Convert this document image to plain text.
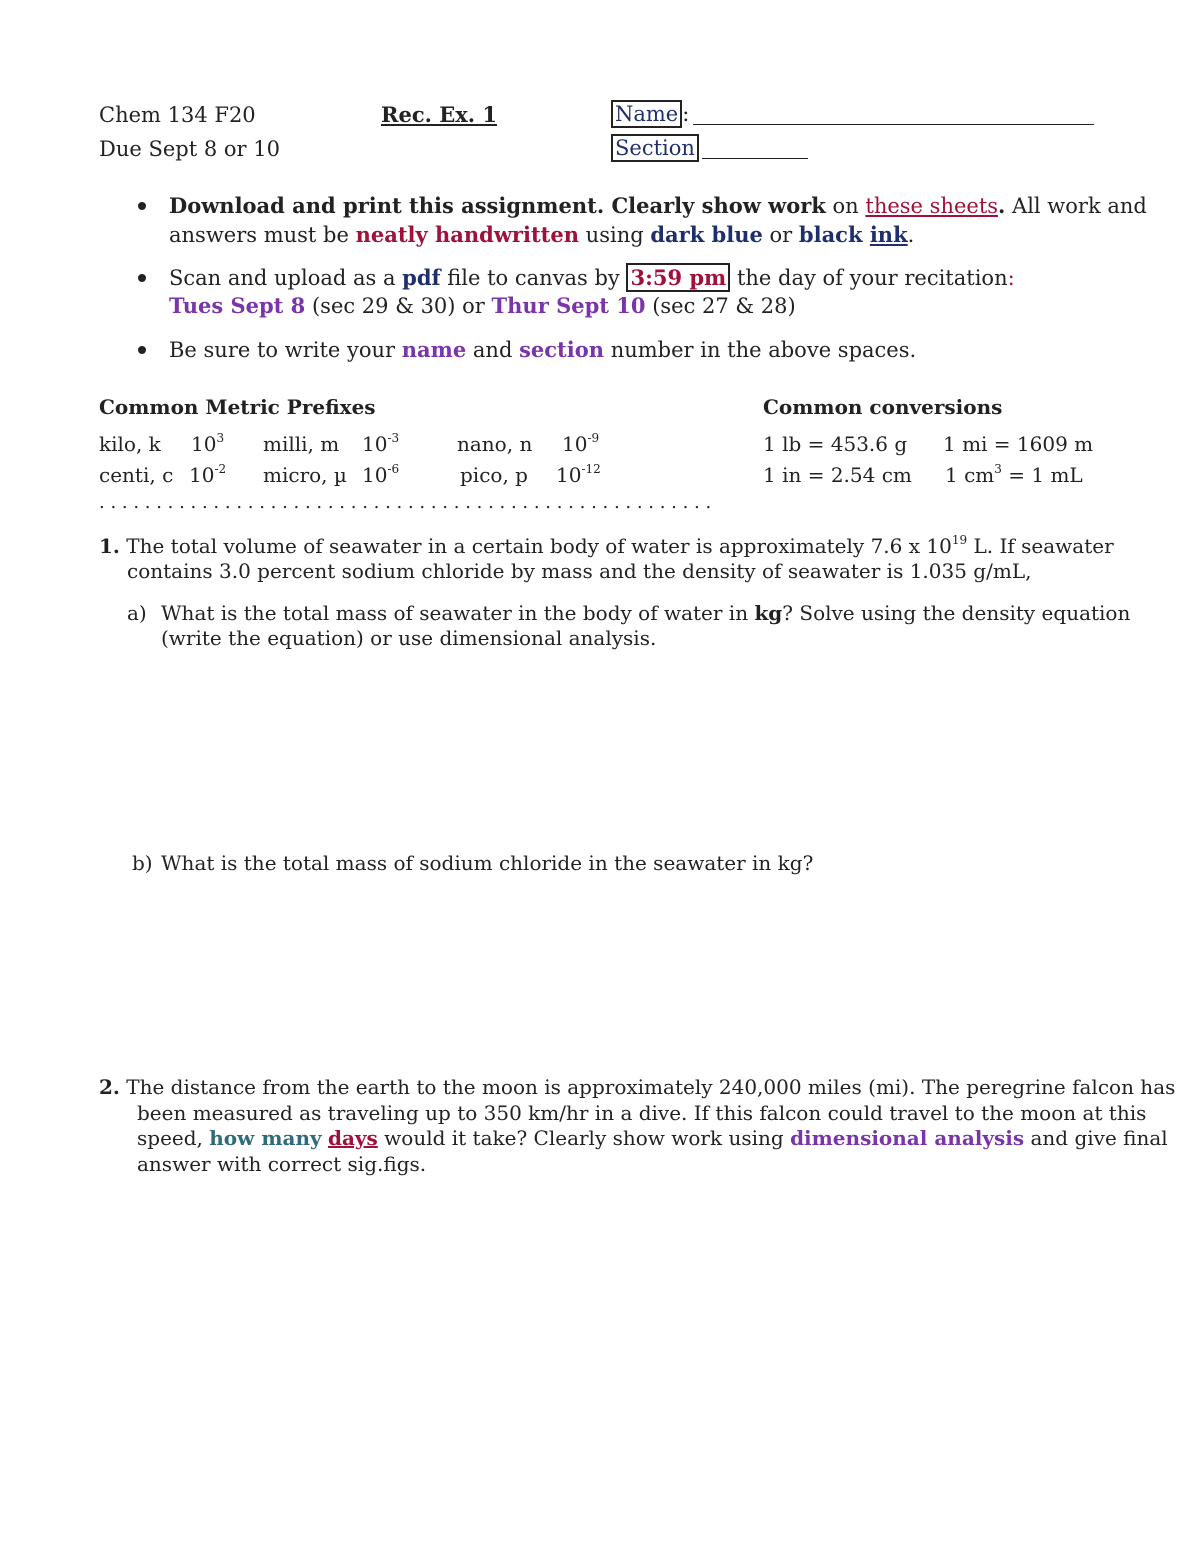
Chem 134 F20
Due Sept 8 or 10
Rec. Ex. 1	Name :
Section
Download and print this assignment. Clearly show work on these sheets. All work and
answers must be neatly handwritten using dark blue or black ink.
Scan and upload as a pdf file to canvas by 3:59 pm the day of your recitation:
Tues Sept 8 (sec 29 & 30) or Thur Sept 10 (sec 27 & 28)
Be sure to write your name and section number in the above spaces.
Common Metric Prefixes	Common conversions
kilo, k $10^3$ milli, m $10^{-3}$	nano, n $10^{-9}$
centi, c $10^{-2}$ micro, µ $10^{-6}$	pico, p $10^{-12}$
1 lb = 453.6 g 1 mi = 1609 m
1 in = 2.54 cm 1 $cm^3 = 1$ mL
. . . . . . . . . . . . . . . . . . . . . . . . . . . . . . . . . . . . . . . . . . . . . . . . . . . . . .
1. The total volume of seawater in a certain body of water is approximately 7.6 x $10^{19}$ L. If seawater
contains 3.0 percent sodium chloride by mass and the density of seawater is 1.035 g/mL,
a) What is the total mass of seawater in the body of water in kg? Solve using the density equation
(write the equation) or use dimensional analysis.
b) What is the total mass of sodium chloride in the seawater in kg?
2. The distance from the earth to the moon is approximately 240,000 miles (mi). The peregrine falcon has
been measured as traveling up to 350 km/hr in a dive. If this falcon could travel to the moon at this
speed, how many days would it take? Clearly show work using dimensional analysis and give final
answer with correct sig.figs.
